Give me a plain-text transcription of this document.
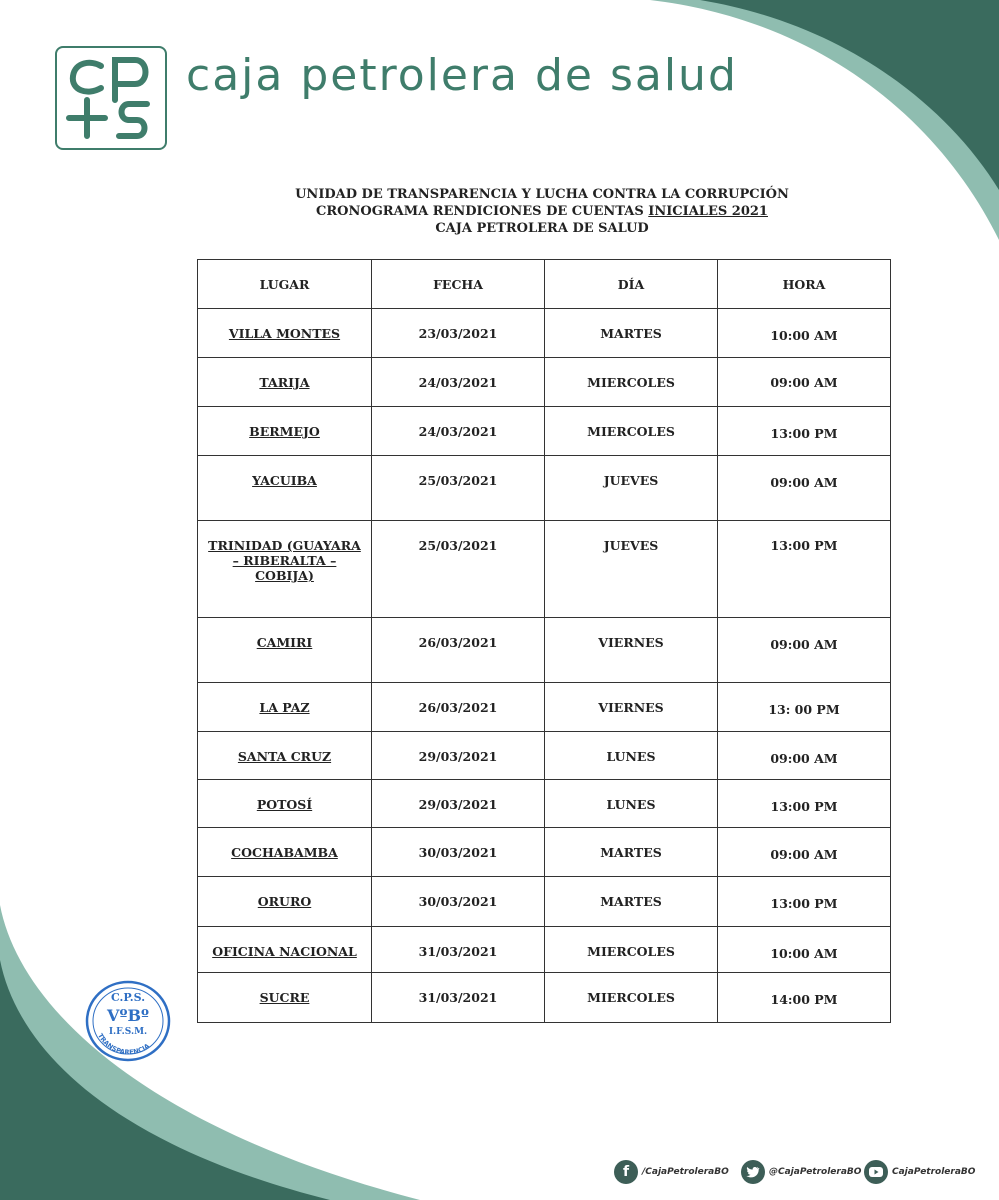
caja petrolera de salud
UNIDAD DE TRANSPARENCIA Y LUCHA CONTRA LA CORRUPCIÓN
CRONOGRAMA RENDICIONES DE CUENTAS INICIALES 2021
CAJA PETROLERA DE SALUD
LUGAR	FECHA	DÍA	HORA

VILLA MONTES	23/03/2021	MARTES	10:00 AM

TARIJA	24/03/2021	MIERCOLES	09:00 AM

BERMEJO	24/03/2021	MIERCOLES	13:00 PM

YACUIBA	25/03/2021	JUEVES	09:00 AM

TRINIDAD (GUAYARA – RIBERALTA – COBIJA)	25/03/2021	JUEVES	13:00 PM

CAMIRI	26/03/2021	VIERNES	09:00 AM

LA PAZ	26/03/2021	VIERNES	13: 00 PM

SANTA CRUZ	29/03/2021	LUNES	09:00 AM

POTOSÍ	29/03/2021	LUNES	13:00 PM

COCHABAMBA	30/03/2021	MARTES	09:00 AM

ORURO	30/03/2021	MARTES	13:00 PM

OFICINA NACIONAL	31/03/2021	MIERCOLES	10:00 AM

SUCRE	31/03/2021	MIERCOLES	14:00 PM
C.P.S.
VºBº
I.F.S.M.
TRANSPARENCIA
f	/CajaPetroleraBO	@CajaPetroleraBO	CajaPetroleraBO
